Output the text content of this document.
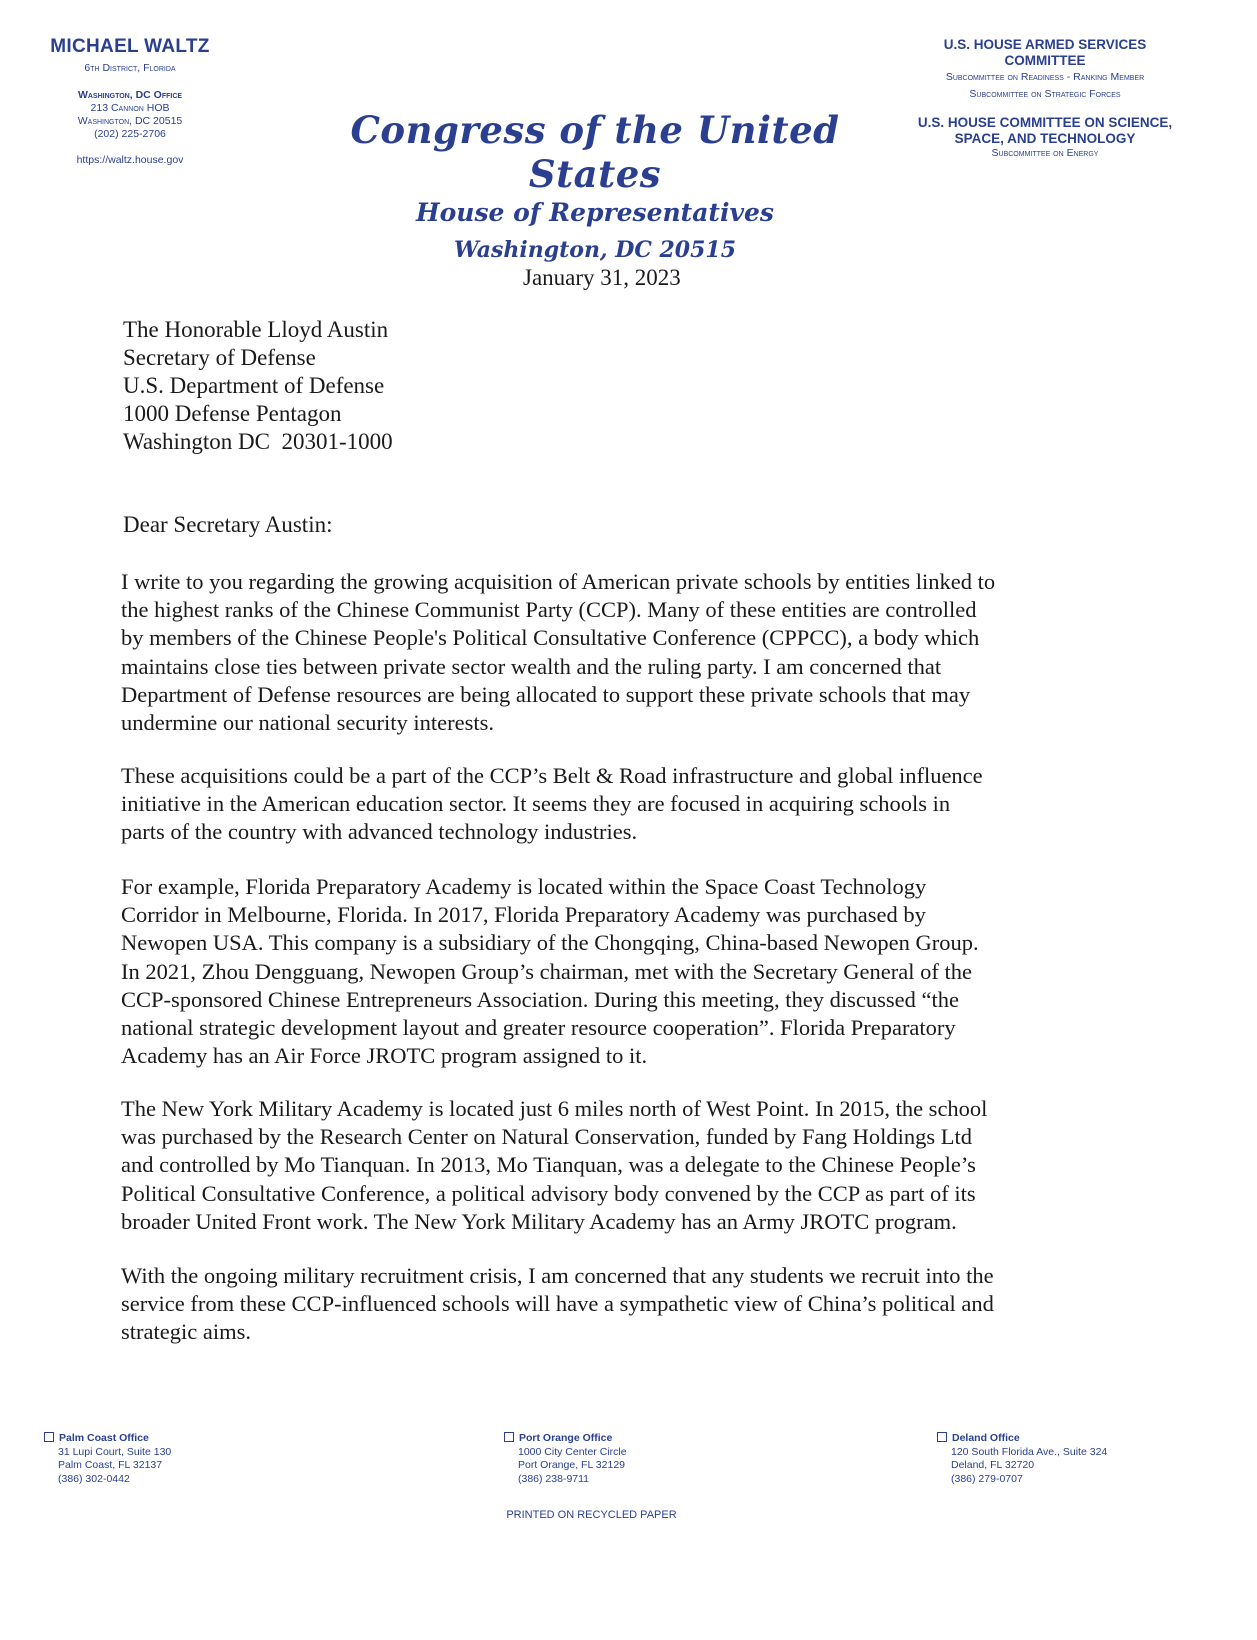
MICHAEL WALTZ
6th District, Florida
Washington, DC Office
213 Cannon HOB
Washington, DC 20515
(202) 225-2706
https://waltz.house.gov
Congress of the United States
House of Representatives
Washington, DC 20515
U.S. HOUSE ARMED SERVICES
COMMITTEE
Subcommittee on Readiness - Ranking Member
Subcommittee on Strategic Forces
U.S. HOUSE COMMITTEE ON SCIENCE,
SPACE, AND TECHNOLOGY
Subcommittee on Energy
January 31, 2023
The Honorable Lloyd Austin
Secretary of Defense
U.S. Department of Defense
1000 Defense Pentagon
Washington DC  20301-1000
Dear Secretary Austin:
I write to you regarding the growing acquisition of American private schools by entities linked to
the highest ranks of the Chinese Communist Party (CCP). Many of these entities are controlled
by members of the Chinese People's Political Consultative Conference (CPPCC), a body which
maintains close ties between private sector wealth and the ruling party. I am concerned that
Department of Defense resources are being allocated to support these private schools that may
undermine our national security interests.
These acquisitions could be a part of the CCP’s Belt & Road infrastructure and global influence
initiative in the American education sector. It seems they are focused in acquiring schools in
parts of the country with advanced technology industries.
For example, Florida Preparatory Academy is located within the Space Coast Technology
Corridor in Melbourne, Florida. In 2017, Florida Preparatory Academy was purchased by
Newopen USA. This company is a subsidiary of the Chongqing, China-based Newopen Group.
In 2021, Zhou Dengguang, Newopen Group’s chairman, met with the Secretary General of the
CCP-sponsored Chinese Entrepreneurs Association. During this meeting, they discussed “the
national strategic development layout and greater resource cooperation”. Florida Preparatory
Academy has an Air Force JROTC program assigned to it.
The New York Military Academy is located just 6 miles north of West Point. In 2015, the school
was purchased by the Research Center on Natural Conservation, funded by Fang Holdings Ltd
and controlled by Mo Tianquan. In 2013, Mo Tianquan, was a delegate to the Chinese People’s
Political Consultative Conference, a political advisory body convened by the CCP as part of its
broader United Front work. The New York Military Academy has an Army JROTC program.
With the ongoing military recruitment crisis, I am concerned that any students we recruit into the
service from these CCP-influenced schools will have a sympathetic view of China’s political and
strategic aims.
Palm Coast Office
31 Lupi Court, Suite 130
Palm Coast, FL 32137
(386) 302-0442
Port Orange Office
1000 City Center Circle
Port Orange, FL 32129
(386) 238-9711
Deland Office
120 South Florida Ave., Suite 324
Deland, FL 32720
(386) 279-0707
PRINTED ON RECYCLED PAPER
